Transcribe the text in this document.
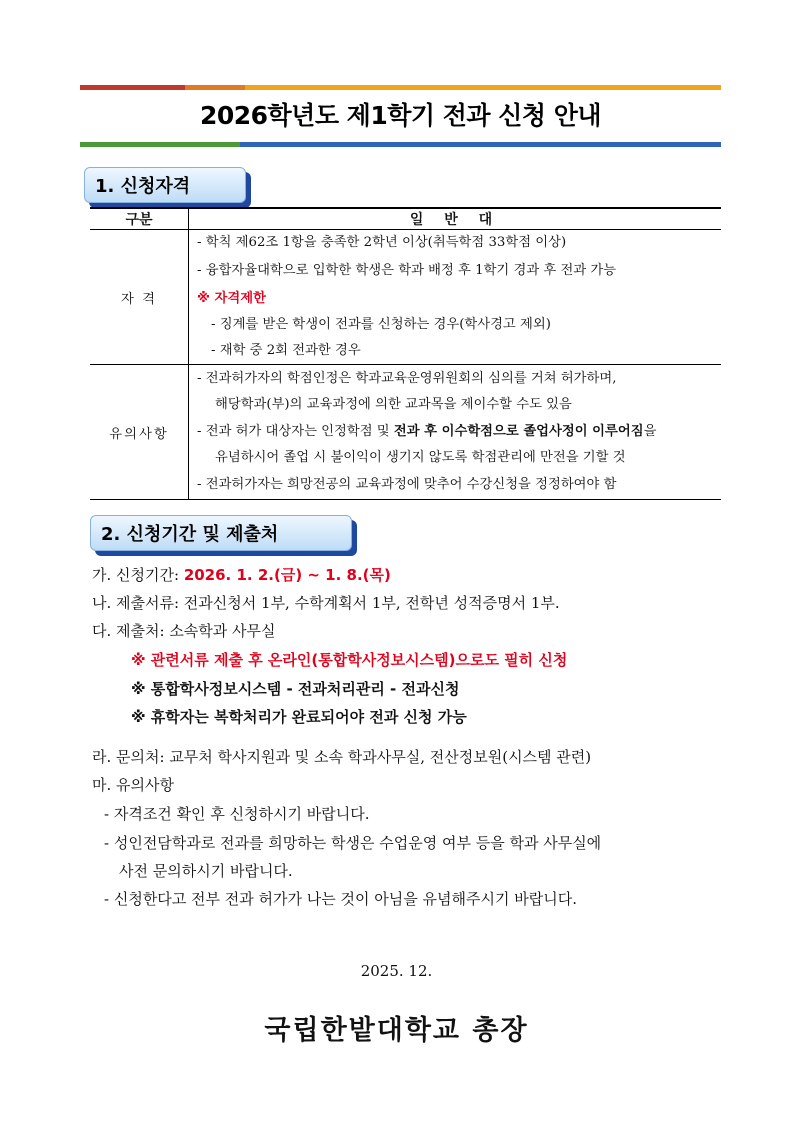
2026학년도 제1학기 전과 신청 안내
1. 신청자격
구분	일 반 대
자 격	- 학칙 제62조 1항을 충족한 2학년 이상(취득학점 33학점 이상)
- 융합자율대학으로 입학한 학생은 학과 배정 후 1학기 경과 후 전과 가능
※ 자격제한
- 징계를 받은 학생이 전과를 신청하는 경우(학사경고 제외)
- 재학 중 2회 전과한 경우

유의사항	- 전과허가자의 학점인정은 학과교육운영위원회의 심의를 거쳐 허가하며,
해당학과(부)의 교육과정에 의한 교과목을 제이수할 수도 있음
- 전과 허가 대상자는 인정학점 및 전과 후 이수학점으로 졸업사정이 이루어짐을
유념하시어 졸업 시 불이익이 생기지 않도록 학점관리에 만전을 기할 것
- 전과허가자는 희망전공의 교육과정에 맞추어 수강신청을 정정하여야 함
2. 신청기간 및 제출처
가. 신청기간: 2026. 1. 2.(금) ~ 1. 8.(목)
나. 제출서류: 전과신청서 1부, 수학계획서 1부, 전학년 성적증명서 1부.
다. 제출처: 소속학과 사무실
※ 관련서류 제출 후 온라인(통합학사정보시스템)으로도 필히 신청
※ 통합학사정보시스템 - 전과처리관리 - 전과신청
※ 휴학자는 복학처리가 완료되어야 전과 신청 가능
라. 문의처: 교무처 학사지원과 및 소속 학과사무실, 전산정보원(시스템 관련)
마. 유의사항
- 자격조건 확인 후 신청하시기 바랍니다.
- 성인전담학과로 전과를 희망하는 학생은 수업운영 여부 등을 학과 사무실에
사전 문의하시기 바랍니다.
- 신청한다고 전부 전과 허가가 나는 것이 아님을 유념해주시기 바랍니다.
2025. 12.
국립한밭대학교 총장
